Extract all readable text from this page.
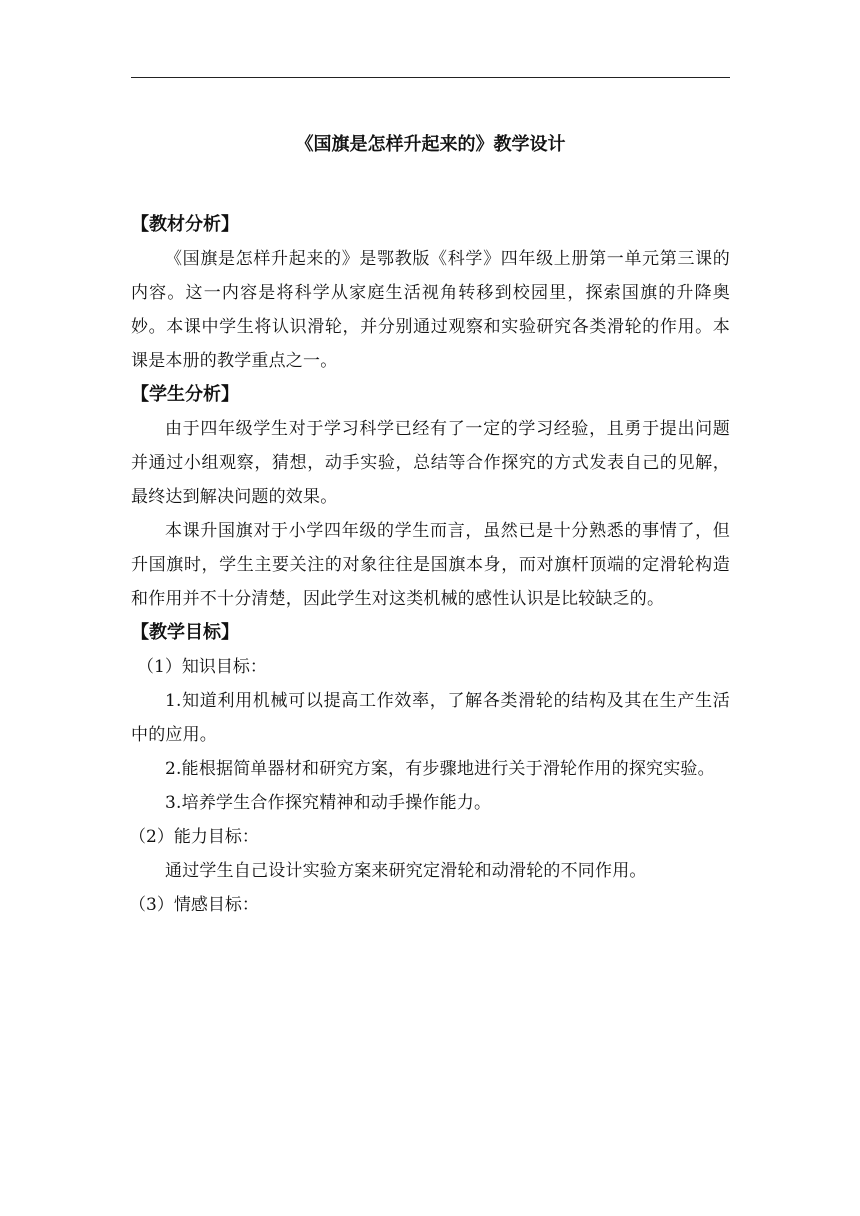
《国旗是怎样升起来的》教学设计
【教材分析】

《国旗是怎样升起来的》是鄂教版《科学》四年级上册第一单元第三课的内容。这一内容是将科学从家庭生活视角转移到校园里，探索国旗的升降奥妙。本课中学生将认识滑轮，并分别通过观察和实验研究各类滑轮的作用。本课是本册的教学重点之一。

【学生分析】

由于四年级学生对于学习科学已经有了一定的学习经验，且勇于提出问题并通过小组观察，猜想，动手实验，总结等合作探究的方式发表自己的见解，最终达到解决问题的效果。

本课升国旗对于小学四年级的学生而言，虽然已是十分熟悉的事情了，但升国旗时，学生主要关注的对象往往是国旗本身，而对旗杆顶端的定滑轮构造和作用并不十分清楚，因此学生对这类机械的感性认识是比较缺乏的。

【教学目标】
（1）知识目标：

1.知道利用机械可以提高工作效率，了解各类滑轮的结构及其在生产生活中的应用。

2.能根据简单器材和研究方案，有步骤地进行关于滑轮作用的探究实验。

3.培养学生合作探究精神和动手操作能力。

（2）能力目标：

通过学生自己设计实验方案来研究定滑轮和动滑轮的不同作用。

（3）情感目标：
